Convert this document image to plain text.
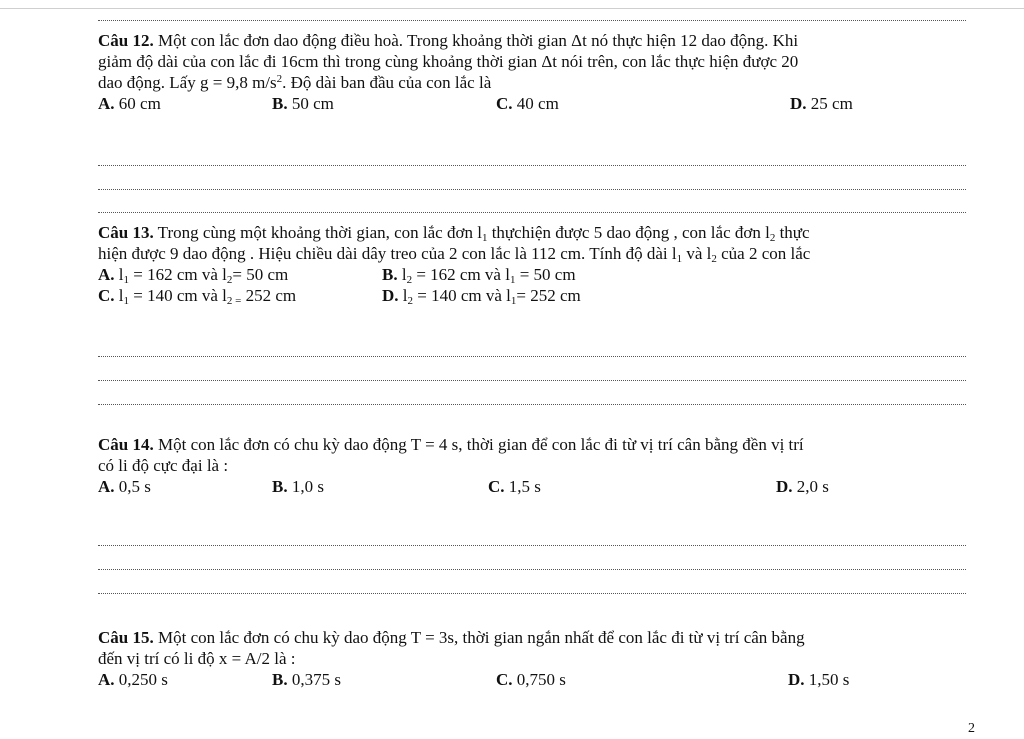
Câu 12. Một con lắc đơn dao động điều hoà. Trong khoảng thời gian Δt nó thực hiện 12 dao động. Khi

giảm độ dài của con lắc đi 16cm thì trong cùng khoảng thời gian Δt nói trên, con lắc thực hiện được 20

dao động. Lấy g = 9,8 $m/s^2$. Độ dài ban đầu của con lắc là

A. 60 cm	B. 50 cm	C. 40 cm	D. 25 cm

Câu 13. Trong cùng một khoảng thời gian, con lắc đơn $l_1$ thựchiện được 5 dao động , con lắc đơn $l_2$ thực

hiện được 9 dao động . Hiệu chiều dài dây treo của 2 con lắc là 112 cm. Tính độ dài $l_1$ và $l_2$ của 2 con lắc

A. $l_1 = 162$ cm và $l_2= 50$ cm	B. $l_2 = 162$ cm và $l_1 = 50$ cm
C. $l_1 = 140$ cm và $l_{2 =}$ 252 cm	D. $l_2 = 140$ cm và $l_1= 252$ cm

Câu 14. Một con lắc đơn có chu kỳ dao động T = 4 s, thời gian để con lắc đi từ vị trí cân bằng đền vị trí

có li độ cực đại là :

A. 0,5 s	B. 1,0 s	C. 1,5 s	D. 2,0 s

Câu 15. Một con lắc đơn có chu kỳ dao động T = 3s, thời gian ngắn nhất để con lắc đi từ vị trí cân bằng

đến vị trí có li độ x = A/2 là :

A. 0,250 s	B. 0,375 s	C. 0,750 s	D. 1,50 s
2
